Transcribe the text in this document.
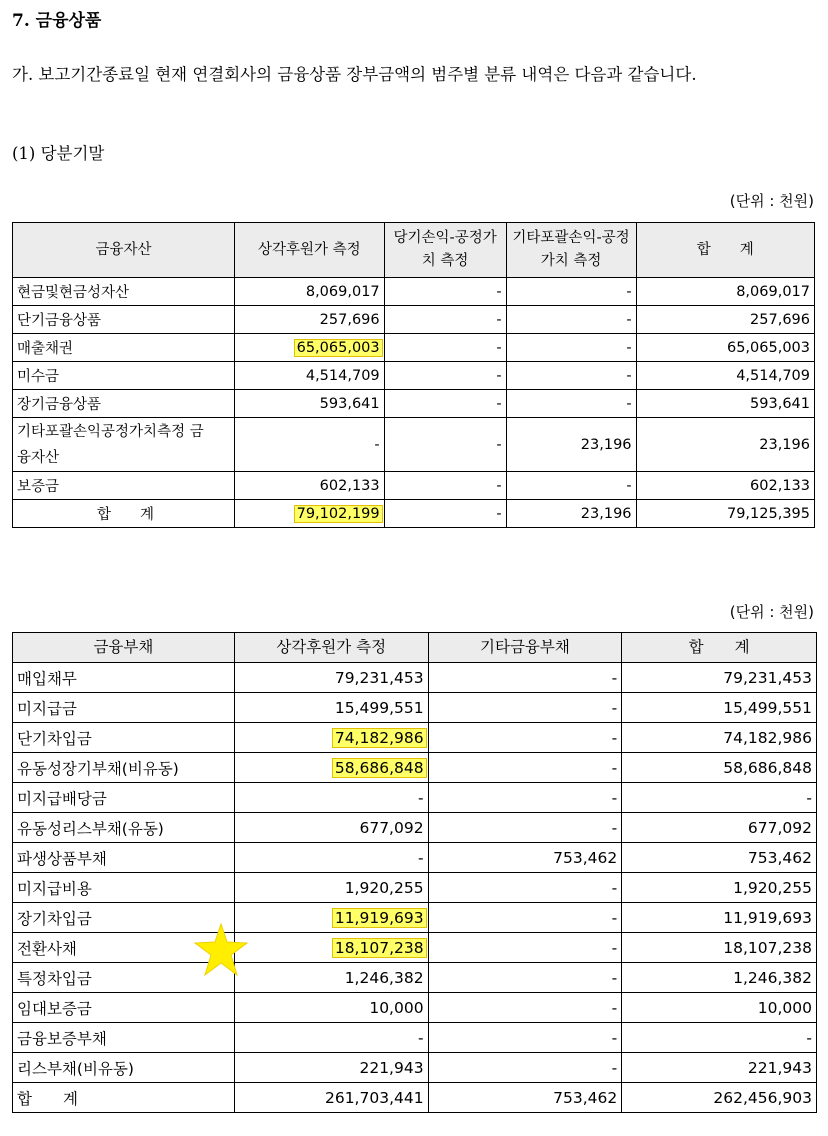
7. 금융상품
가. 보고기간종료일 현재 연결회사의 금융상품 장부금액의 범주별 분류 내역은 다음과 같습니다.
(1) 당분기말
(단위 : 천원)
금융자산	상각후원가 측정	당기손익-공정가치 측정	기타포괄손익-공정가치 측정	합　　계
현금및현금성자산	8,069,017	-	-	8,069,017
단기금융상품	257,696	-	-	257,696
매출채권	65,065,003	-	-	65,065,003
미수금	4,514,709	-	-	4,514,709
장기금융상품	593,641	-	-	593,641
기타포괄손익공정가치측정 금융자산	-	-	23,196	23,196
보증금	602,133	-	-	602,133
합　　계	79,102,199	-	23,196	79,125,395
(단위 : 천원)
금융부채	상각후원가 측정	기타금융부채	합　　계
매입채무	79,231,453	-	79,231,453
미지급금	15,499,551	-	15,499,551
단기차입금	74,182,986	-	74,182,986
유동성장기부채(비유동)	58,686,848	-	58,686,848
미지급배당금	-	-	-
유동성리스부채(유동)	677,092	-	677,092
파생상품부채	-	753,462	753,462
미지급비용	1,920,255	-	1,920,255
장기차입금	11,919,693	-	11,919,693
전환사채	18,107,238	-	18,107,238
특정차입금	1,246,382	-	1,246,382
임대보증금	10,000	-	10,000
금융보증부채	-	-	-
리스부채(비유동)	221,943	-	221,943
합　　계	261,703,441	753,462	262,456,903
